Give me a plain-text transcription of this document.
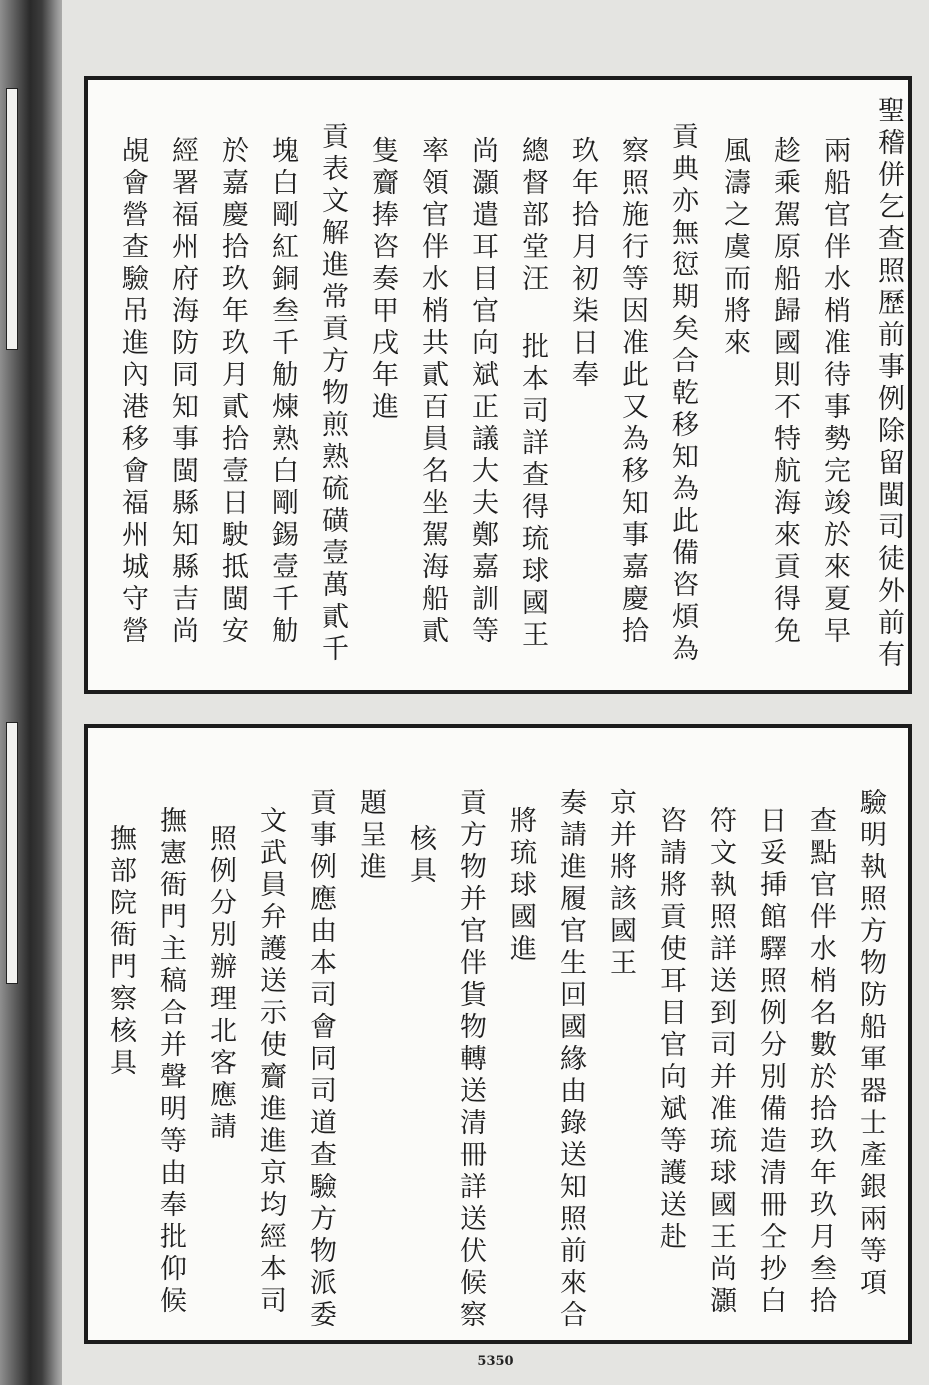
聖稽併乞查照歷前事例除留閩司徒外前有
兩船官伴水梢准待事勢完竣於來夏早
趁乘駕原船歸國則不特航海來貢得免
風濤之虞而將來
貢典亦無愆期矣合乾移知為此備咨煩為
察照施行等因准此又為移知事嘉慶拾
玖年拾月初柒日奉
總督部堂汪 批本司詳查得琉球國王
尚灝遣耳目官向斌正議大夫鄭嘉訓等
率領官伴水梢共貳百員名坐駕海船貳
隻齎捧咨奏甲戌年進
貢表文解進常貢方物煎熟硫磺壹萬貳千
塊白剛紅銅叁千觔煉熟白剛錫壹千觔
於嘉慶拾玖年玖月貳拾壹日駛抵閩安
經署福州府海防同知事閩縣知縣吉尚
覘會營查驗吊進內港移會福州城守營
驗明執照方物防船軍器士產銀兩等項
查點官伴水梢名數於拾玖年玖月叁拾
日妥挿館驛照例分別備造清冊仝抄白
符文執照詳送到司并准琉球國王尚灝
咨請將貢使耳目官向斌等護送赴
京并將該國王
奏請進履官生回國緣由錄送知照前來合
將琉球國進
貢方物并官伴貨物轉送清冊詳送伏候察
核具
題呈進
貢事例應由本司會同司道查驗方物派委
文武員弁護送示使齎進進京均經本司
照例分別辦理北客應請
撫憲衙門主稿合并聲明等由奉批仰候
撫部院衙門察核具
5350
